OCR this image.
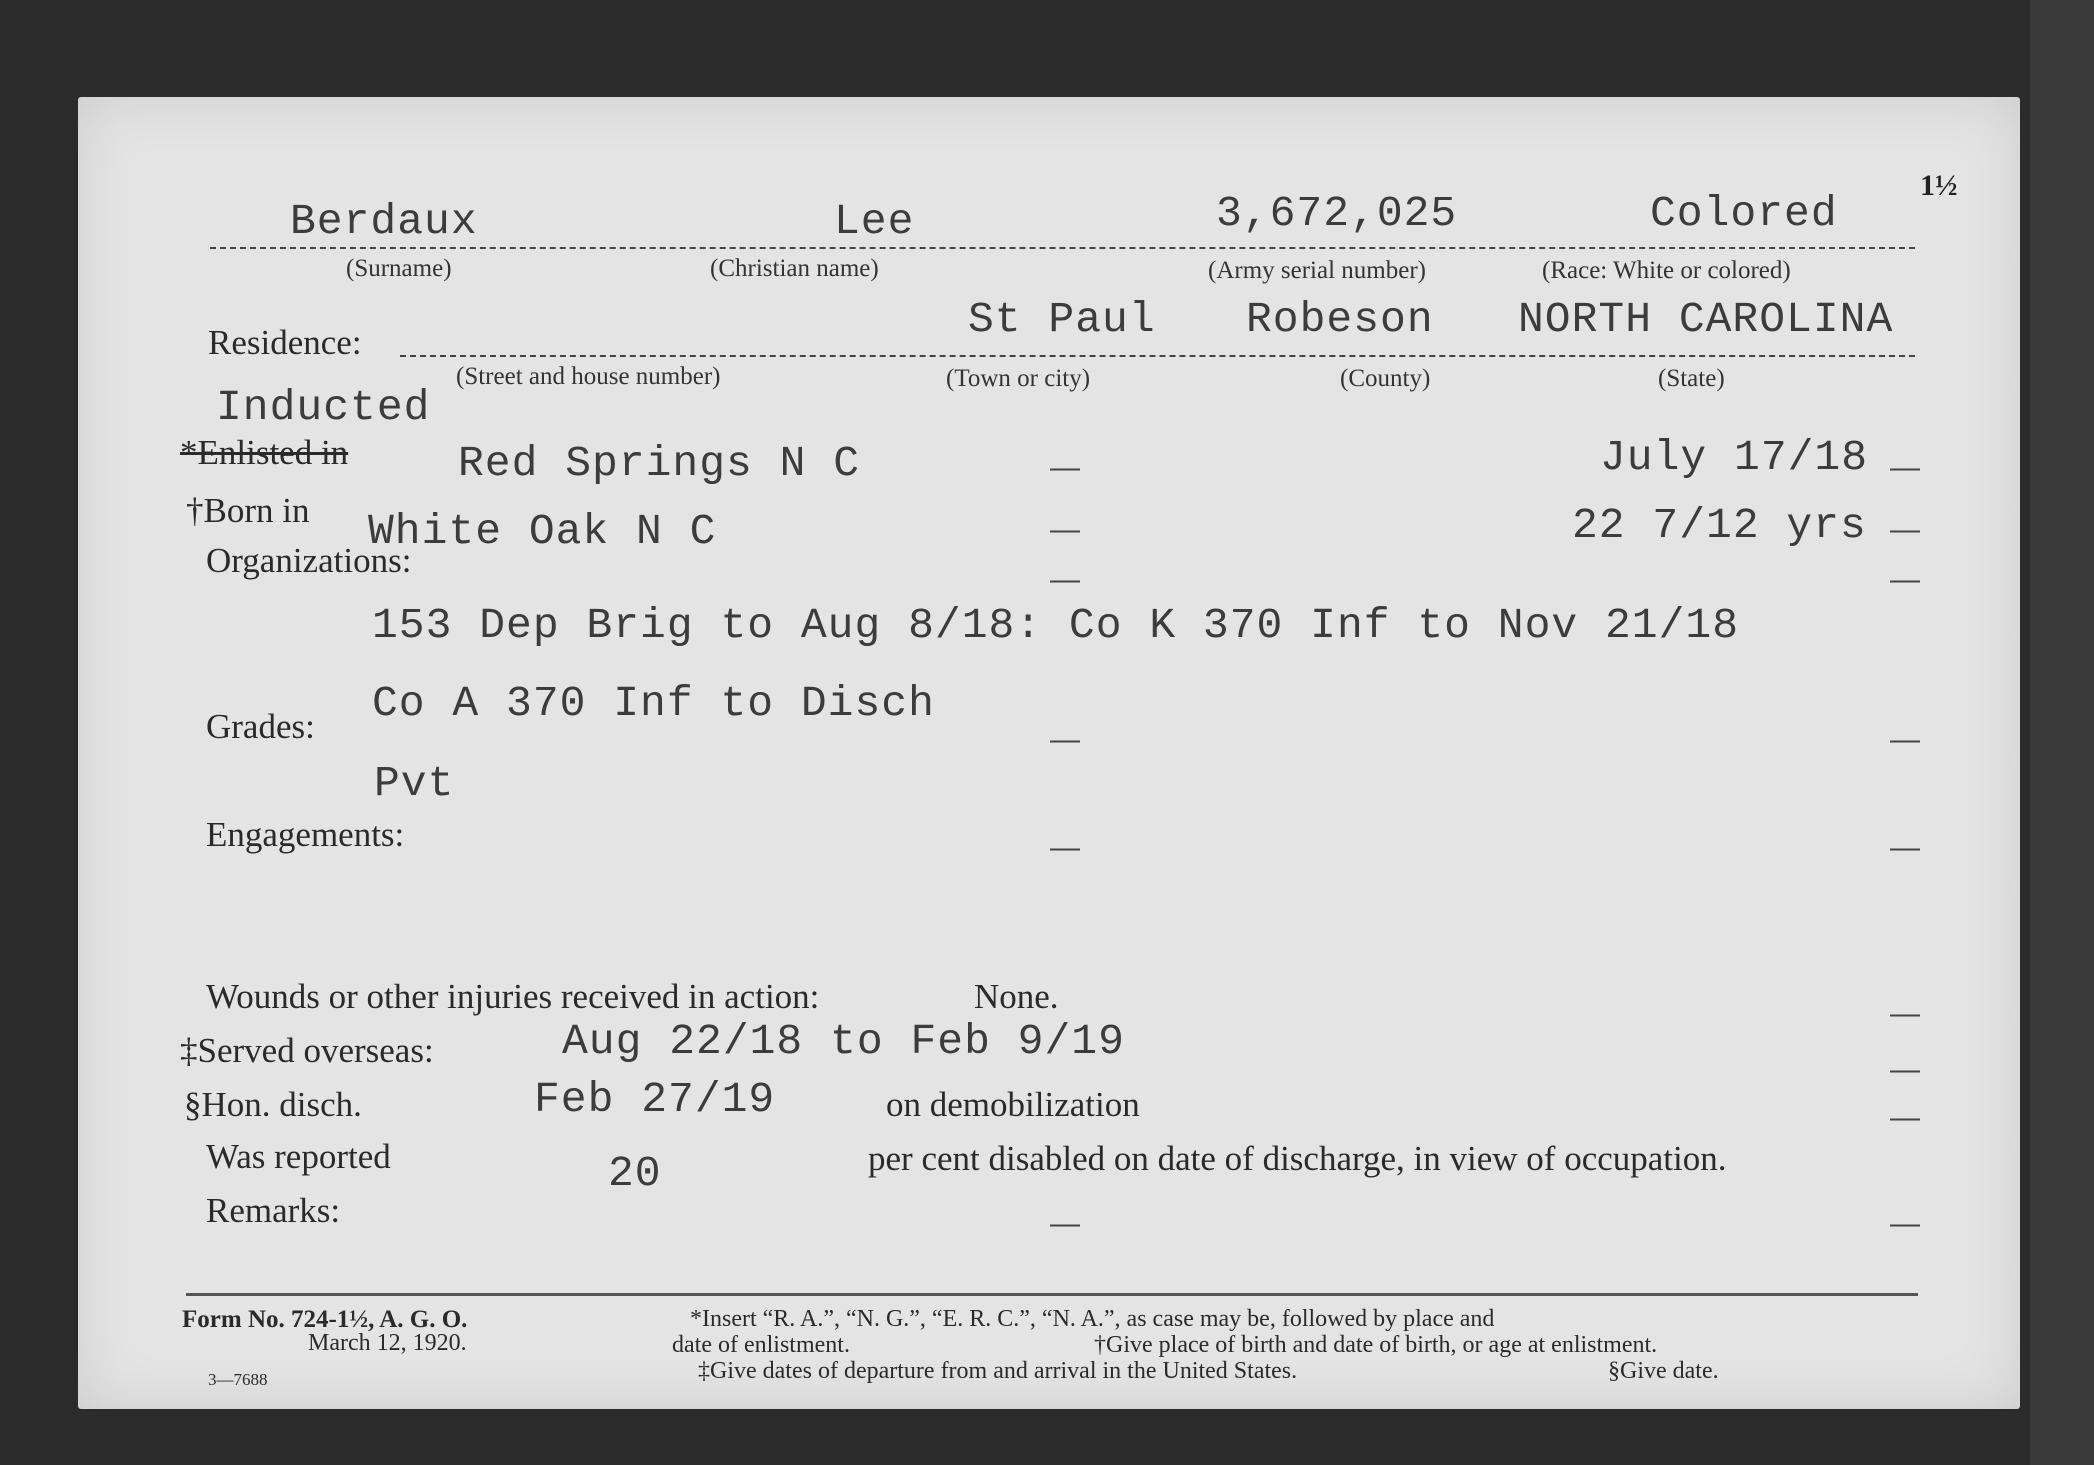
Berdaux	Lee	3,672,025	Colored
1½
(Surname)	(Christian name)	(Army serial number)	(Race: White or colored)
Residence:	St Paul Robeson NORTH CAROLINA
(Street and house number)	(Town or city)	(County)	(State)
Inducted
*Enlisted in	Red Springs N C	—	July 17/18 —
†Born in White Oak N C	—	22 7/12 yrs —
Organizations:	—	—
153 Dep Brig to Aug 8/18: Co K 370 Inf to Nov 21/18
Co A 370 Inf to Disch
Grades:	—	—
Pvt
Engagements:	—	—
Wounds or other injuries received in action:	None.	—
‡Served overseas:	Aug 22/18 to Feb 9/19
—
§Hon. disch.	Feb 27/19	on demobilization	—
Was reported	20	per cent disabled on date of discharge, in view of occupation.
Remarks:	—	—
Form No. 724-1½, A. G. O.
March 12, 1920.
3—7688
*Insert “R. A.”, “N. G.”, “E. R. C.”, “N. A.”, as case may be, followed by place and
date of enlistment.	†Give place of birth and date of birth, or age at enlistment.
‡Give dates of departure from and arrival in the United States.	§Give date.
